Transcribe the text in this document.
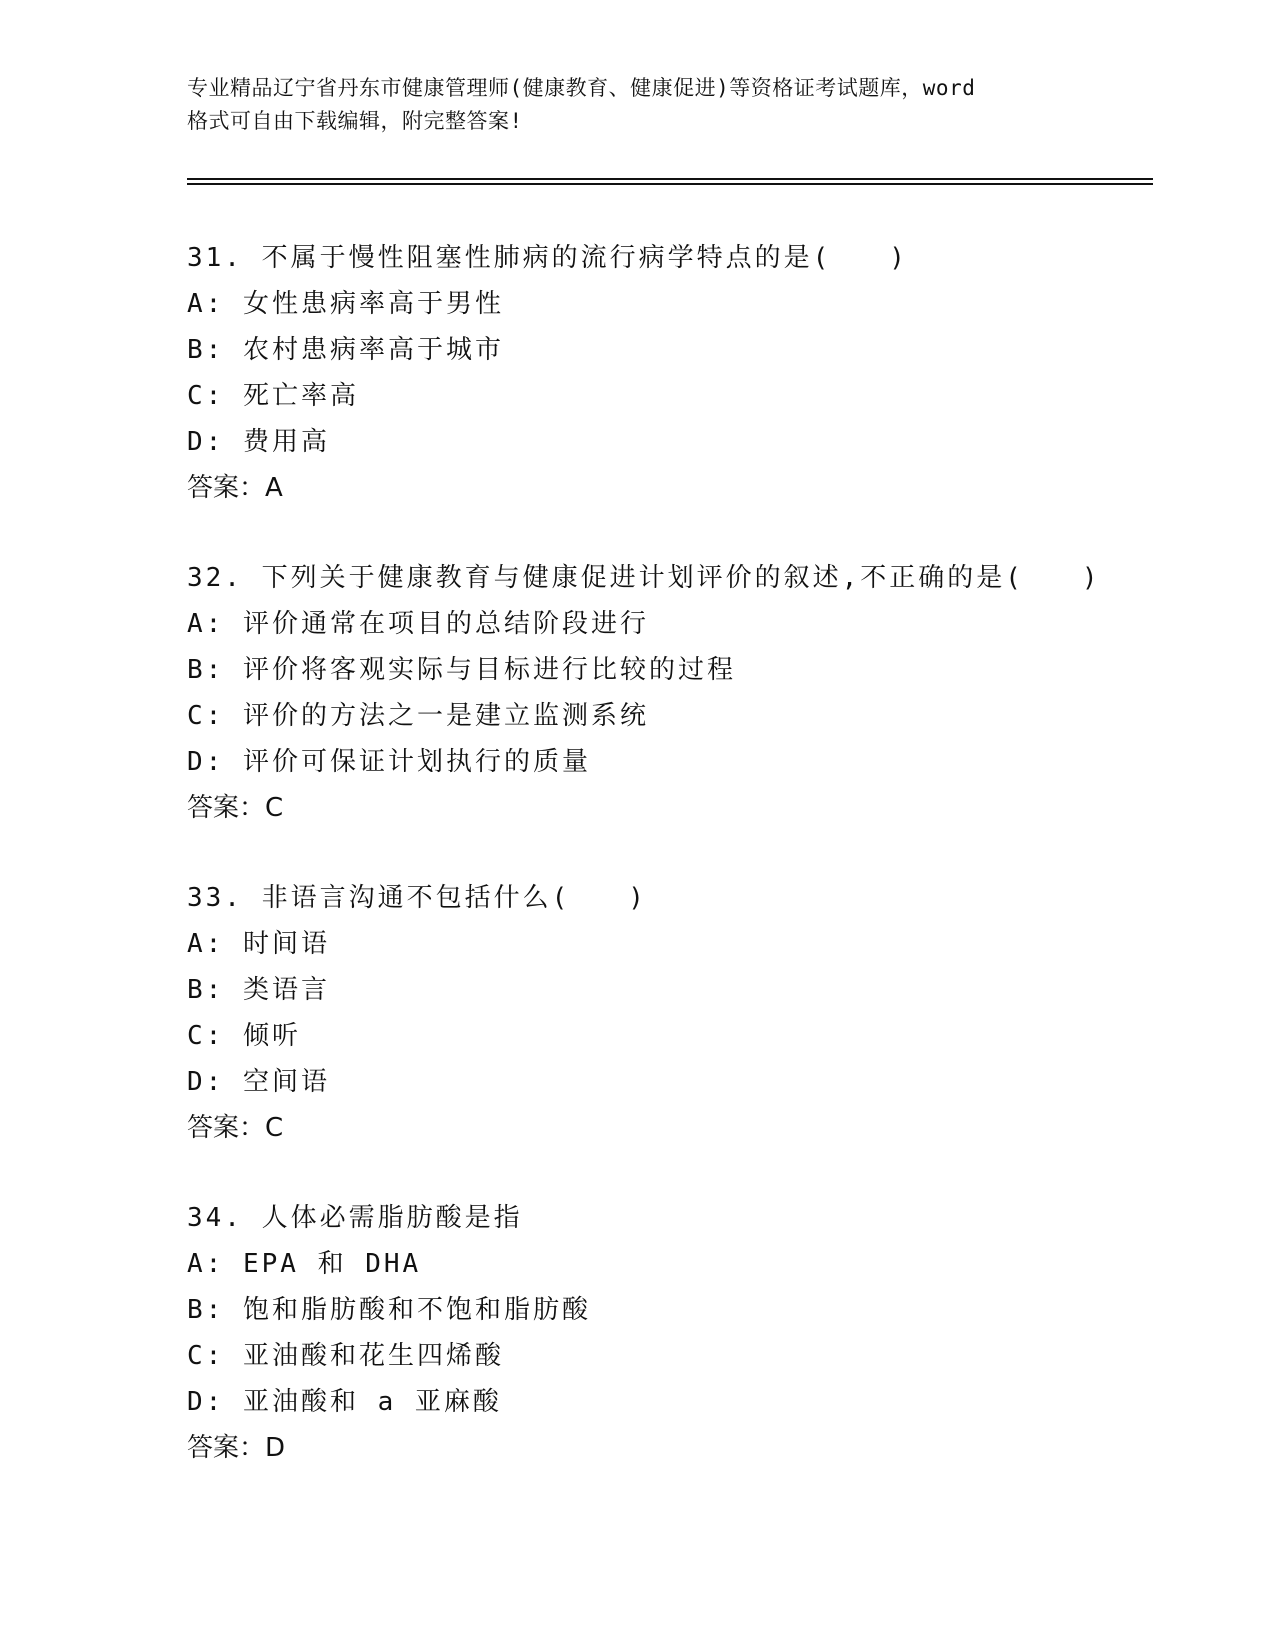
专业精品辽宁省丹东市健康管理师(健康教育、健康促进)等资格证考试题库，word
格式可自由下载编辑，附完整答案!
31. 不属于慢性阻塞性肺病的流行病学特点的是(　　)
A: 女性患病率高于男性
B: 农村患病率高于城市
C: 死亡率高
D: 费用高
答案：A
32. 下列关于健康教育与健康促进计划评价的叙述,不正确的是(　　)
A: 评价通常在项目的总结阶段进行
B: 评价将客观实际与目标进行比较的过程
C: 评价的方法之一是建立监测系统
D: 评价可保证计划执行的质量
答案：C
33. 非语言沟通不包括什么(　　)
A: 时间语
B: 类语言
C: 倾听
D: 空间语
答案：C
34. 人体必需脂肪酸是指
A: EPA 和 DHA
B: 饱和脂肪酸和不饱和脂肪酸
C: 亚油酸和花生四烯酸
D: 亚油酸和 a 亚麻酸
答案：D
